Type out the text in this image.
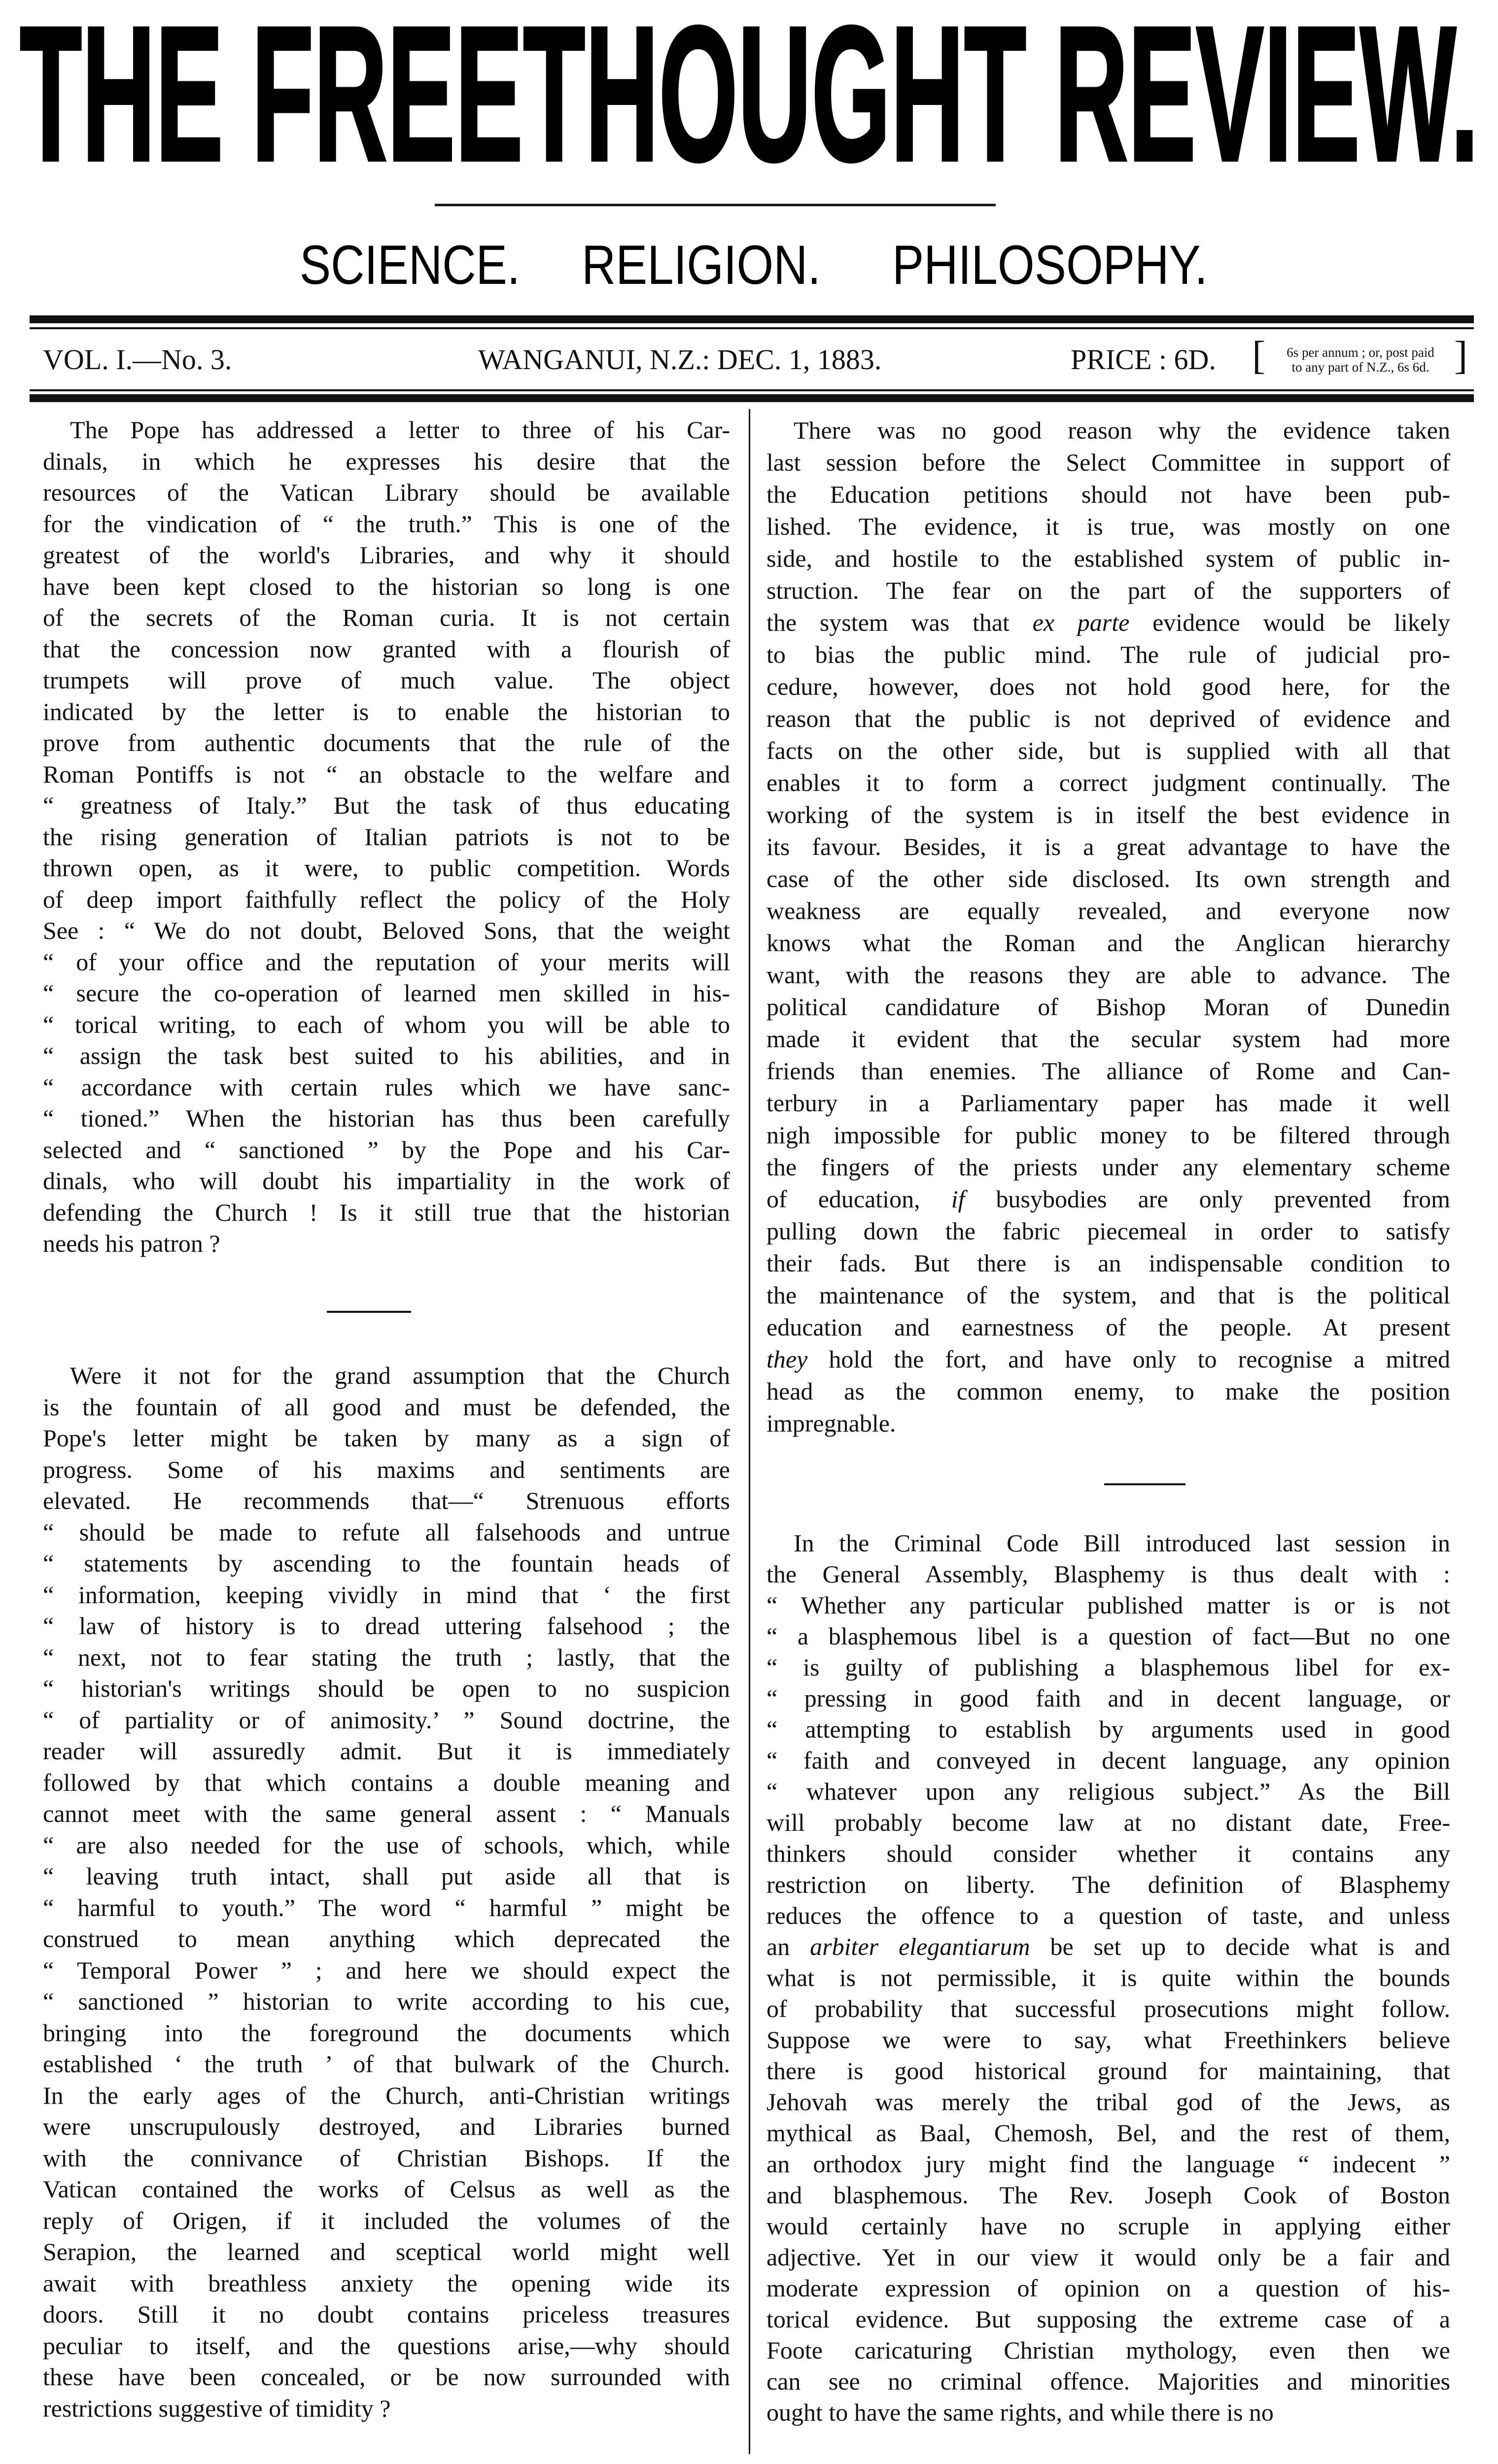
THE FREETHOUGHT REVIEW.
SCIENCE. RELIGION. PHILOSOPHY.
VOL. I.—No. 3.	WANGANUI, N.Z.: DEC. 1, 1883.	PRICE : 6D. [	6s per annum ; or, post paid
to any part of N.Z., 6s 6d. ]
The Pope has addressed a letter to three of his Car-
dinals, in which he expresses his desire that the
resources of the Vatican Library should be available
for the vindication of “ the truth.” This is one of the
greatest of the world's Libraries, and why it should
have been kept closed to the historian so long is one
of the secrets of the Roman curia. It is not certain
that the concession now granted with a flourish of
trumpets will prove of much value. The object
indicated by the letter is to enable the historian to
prove from authentic documents that the rule of the
Roman Pontiffs is not “ an obstacle to the welfare and
“ greatness of Italy.” But the task of thus educating
the rising generation of Italian patriots is not to be
thrown open, as it were, to public competition. Words
of deep import faithfully reflect the policy of the Holy
See : “ We do not doubt, Beloved Sons, that the weight
“ of your office and the reputation of your merits will
“ secure the co-operation of learned men skilled in his-
“ torical writing, to each of whom you will be able to
“ assign the task best suited to his abilities, and in
“ accordance with certain rules which we have sanc-
“ tioned.” When the historian has thus been carefully
selected and “ sanctioned ” by the Pope and his Car-
dinals, who will doubt his impartiality in the work of
defending the Church ! Is it still true that the historian
needs his patron ?
Were it not for the grand assumption that the Church
is the fountain of all good and must be defended, the
Pope's letter might be taken by many as a sign of
progress. Some of his maxims and sentiments are
elevated. He recommends that—“ Strenuous efforts
“ should be made to refute all falsehoods and untrue
“ statements by ascending to the fountain heads of
“ information, keeping vividly in mind that ‘ the first
“ law of history is to dread uttering falsehood ; the
“ next, not to fear stating the truth ; lastly, that the
“ historian's writings should be open to no suspicion
“ of partiality or of animosity.’ ” Sound doctrine, the
reader will assuredly admit. But it is immediately
followed by that which contains a double meaning and
cannot meet with the same general assent : “ Manuals
“ are also needed for the use of schools, which, while
“ leaving truth intact, shall put aside all that is
“ harmful to youth.” The word “ harmful ” might be
construed to mean anything which deprecated the
“ Temporal Power ” ; and here we should expect the
“ sanctioned ” historian to write according to his cue,
bringing into the foreground the documents which
established ‘ the truth ’ of that bulwark of the Church.
In the early ages of the Church, anti-Christian writings
were unscrupulously destroyed, and Libraries burned
with the connivance of Christian Bishops. If the
Vatican contained the works of Celsus as well as the
reply of Origen, if it included the volumes of the
Serapion, the learned and sceptical world might well
await with breathless anxiety the opening wide its
doors. Still it no doubt contains priceless treasures
peculiar to itself, and the questions arise,—why should
these have been concealed, or be now surrounded with
restrictions suggestive of timidity ?
There was no good reason why the evidence taken
last session before the Select Committee in support of
the Education petitions should not have been pub-
lished. The evidence, it is true, was mostly on one
side, and hostile to the established system of public in-
struction. The fear on the part of the supporters of
the system was that ex parte evidence would be likely
to bias the public mind. The rule of judicial pro-
cedure, however, does not hold good here, for the
reason that the public is not deprived of evidence and
facts on the other side, but is supplied with all that
enables it to form a correct judgment continually. The
working of the system is in itself the best evidence in
its favour. Besides, it is a great advantage to have the
case of the other side disclosed. Its own strength and
weakness are equally revealed, and everyone now
knows what the Roman and the Anglican hierarchy
want, with the reasons they are able to advance. The
political candidature of Bishop Moran of Dunedin
made it evident that the secular system had more
friends than enemies. The alliance of Rome and Can-
terbury in a Parliamentary paper has made it well
nigh impossible for public money to be filtered through
the fingers of the priests under any elementary scheme
of education, if busybodies are only prevented from
pulling down the fabric piecemeal in order to satisfy
their fads. But there is an indispensable condition to
the maintenance of the system, and that is the political
education and earnestness of the people. At present
they hold the fort, and have only to recognise a mitred
head as the common enemy, to make the position
impregnable.
In the Criminal Code Bill introduced last session in
the General Assembly, Blasphemy is thus dealt with :
“ Whether any particular published matter is or is not
“ a blasphemous libel is a question of fact—But no one
“ is guilty of publishing a blasphemous libel for ex-
“ pressing in good faith and in decent language, or
“ attempting to establish by arguments used in good
“ faith and conveyed in decent language, any opinion
“ whatever upon any religious subject.” As the Bill
will probably become law at no distant date, Free-
thinkers should consider whether it contains any
restriction on liberty. The definition of Blasphemy
reduces the offence to a question of taste, and unless
an arbiter elegantiarum be set up to decide what is and
what is not permissible, it is quite within the bounds
of probability that successful prosecutions might follow.
Suppose we were to say, what Freethinkers believe
there is good historical ground for maintaining, that
Jehovah was merely the tribal god of the Jews, as
mythical as Baal, Chemosh, Bel, and the rest of them,
an orthodox jury might find the language “ indecent ”
and blasphemous. The Rev. Joseph Cook of Boston
would certainly have no scruple in applying either
adjective. Yet in our view it would only be a fair and
moderate expression of opinion on a question of his-
torical evidence. But supposing the extreme case of a
Foote caricaturing Christian mythology, even then we
can see no criminal offence. Majorities and minorities
ought to have the same rights, and while there is no
